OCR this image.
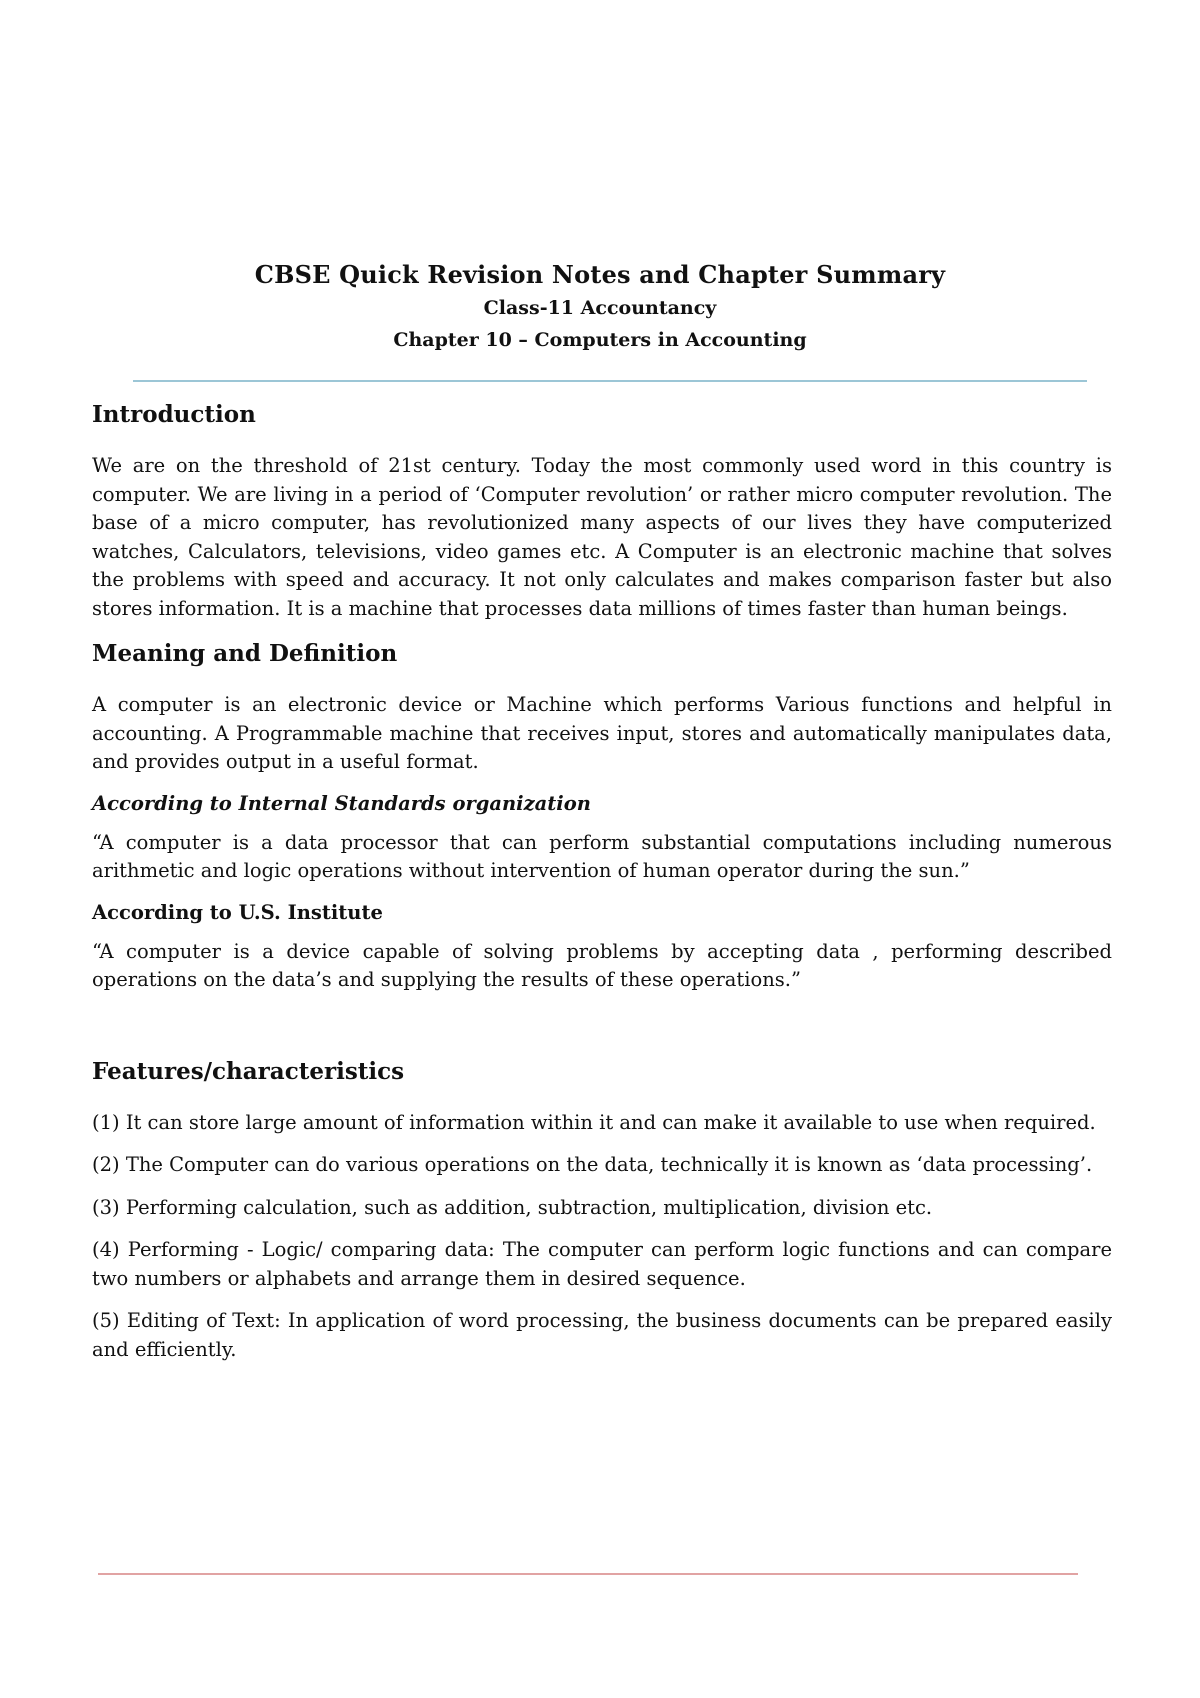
CBSE Quick Revision Notes and Chapter Summary
Class-11 Accountancy
Chapter 10 – Computers in Accounting
Introduction

We are on the threshold of 21st century. Today the most commonly used word in this country is computer. We are living in a period of ‘Computer revolution’ or rather micro computer revolution. The base of a micro computer, has revolutionized many aspects of our lives they have computerized watches, Calculators, televisions, video games etc. A Computer is an electronic machine that solves the problems with speed and accuracy. It not only calculates and makes comparison faster but also stores information. It is a machine that processes data millions of times faster than human beings.

Meaning and Definition

A computer is an electronic device or Machine which performs Various functions and helpful in accounting. A Programmable machine that receives input, stores and automatically manipulates data, and provides output in a useful format.

According to Internal Standards organization

“A computer is a data processor that can perform substantial computations including numerous arithmetic and logic operations without intervention of human operator during the sun.”

According to U.S. Institute

“A computer is a device capable of solving problems by accepting data , performing described operations on the data’s and supplying the results of these operations.”

Features/characteristics

(1) It can store large amount of information within it and can make it available to use when required.

(2) The Computer can do various operations on the data, technically it is known as ‘data processing’.

(3) Performing calculation, such as addition, subtraction, multiplication, division etc.

(4) Performing - Logic/ comparing data: The computer can perform logic functions and can compare two numbers or alphabets and arrange them in desired sequence.

(5) Editing of Text: In application of word processing, the business documents can be prepared easily and efficiently.
